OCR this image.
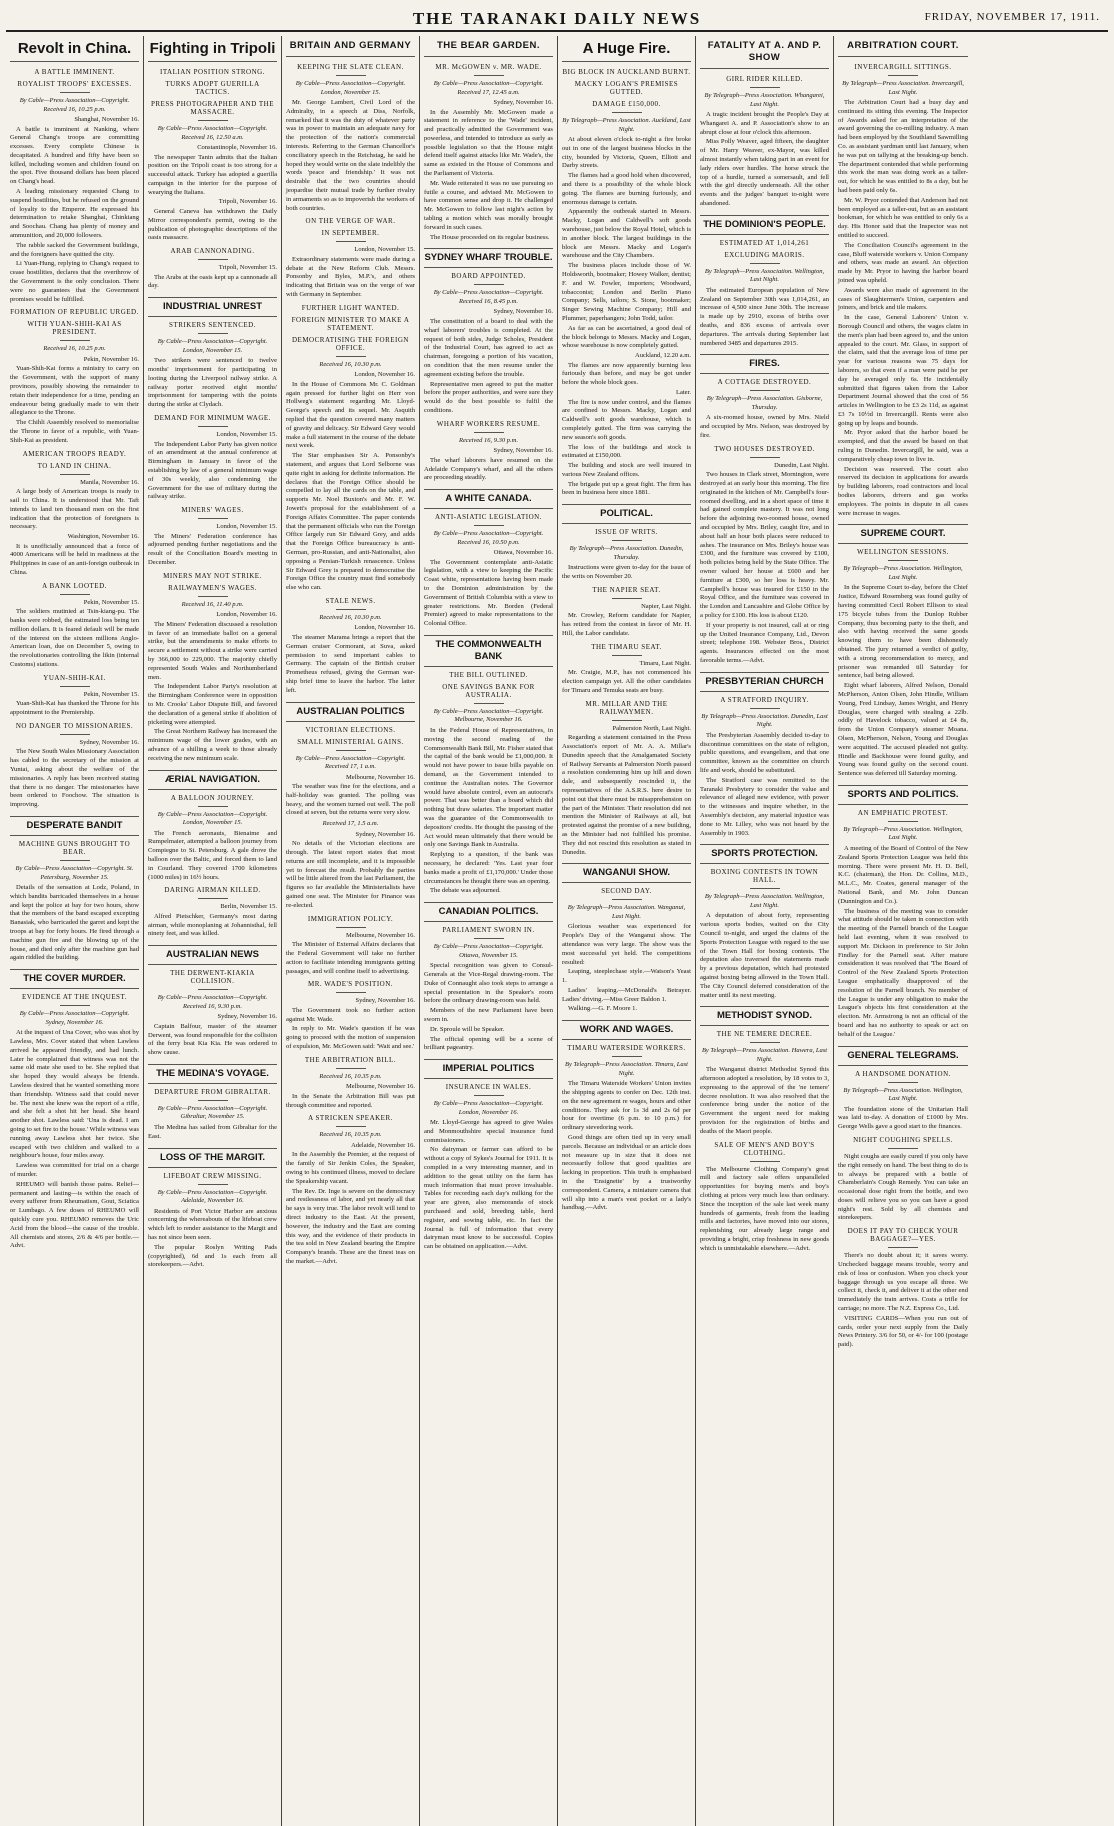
THE TARANAKI DAILY NEWS	FRIDAY, NOVEMBER 17, 1911.
Revolt in China.
A BATTLE IMMINENT.
ROYALIST TROOPS' EXCESSES.
By Cable—Press Association—Copyright. Received 16, 10.25 p.m.
Shanghai, November 16.
A battle is imminent at Nanking, where General Chang's troops are committing excesses. Every complete Chinese is decapitated. A hundred and fifty have been so killed, including women and children found on the spot. Five thousand dollars has been placed on Chang's head.
A leading missionary requested Chang to suspend hostilities, but he refused on the ground of loyalty to the Emperor. He expressed his determination to retake Shanghai, Chinkiang and Soochau. Chang has plenty of money and ammunition, and 20,000 followers.
The rabble sacked the Government buildings, and the foreigners have quitted the city.
Li Yuan-Hung, replying to Chang's request to cease hostilities, declares that the overthrow of the Government is the only conclusion. There were no guarantees that the Government promises would be fulfilled.
FORMATION OF REPUBLIC URGED.
WITH YUAN-SHIH-KAI AS PRESIDENT.
Received 16, 10.25 p.m.
Pekin, November 16.
Yuan-Shih-Kai forms a ministry to carry on the Government, with the support of many provinces, possibly showing the remainder to retain their independence for a time, pending an endeavour being gradually made to win their allegiance to the Throne.
The Chihli Assembly resolved to memorialise the Throne in favor of a republic, with Yuan-Shih-Kai as president.
AMERICAN TROOPS READY.
TO LAND IN CHINA.
Manila, November 16.
A large body of American troops is ready to sail to China. It is understood that Mr. Taft intends to land ten thousand men on the first indication that the protection of foreigners is necessary.
Washington, November 16.
It is unofficially announced that a force of 4000 Americans will be held in readiness at the Philippines in case of an anti-foreign outbreak in China.
A BANK LOOTED.
Pekin, November 15.
The soldiers mutinied at Tsin-kiang-pu. The banks were robbed, the estimated loss being ten million dollars. It is feared default will be made of the interest on the sixteen millions Anglo-American loan, due on December 5, owing to the revolutionaries controlling the likin (internal Customs) stations.
YUAN-SHIH-KAI.
Pekin, November 15.
Yuan-Shih-Kai has thanked the Throne for his appointment to the Premiership.
NO DANGER TO MISSIONARIES.
Sydney, November 16.
The New South Wales Missionary Association has cabled to the secretary of the mission at Yuntai, asking about the welfare of the missionaries. A reply has been received stating that there is no danger. The missionaries have been ordered to Foochow. The situation is improving.
DESPERATE BANDIT
MACHINE GUNS BROUGHT TO BEAR.
By Cable—Press Association—Copyright. St. Petersburg, November 15.
Details of the sensation at Lodz, Poland, in which bandits barricaded themselves in a house and kept the police at bay for two hours, show that the members of the band escaped excepting Banasiak, who barricaded the garret and kept the troops at bay for forty hours. He fired through a machine gun fire and the blowing up of the house, and died only after the machine gun had again riddled the building.
THE COVER MURDER.
EVIDENCE AT THE INQUEST.
By Cable—Press Association—Copyright. Sydney, November 16.
At the inquest of Una Cover, who was shot by Lawless, Mrs. Cover stated that when Lawless arrived he appeared friendly, and had lunch. Later he complained that witness was not the same old mate she used to be. She replied that she hoped they would always be friends. Lawless desired that he wanted something more than friendship. Witness said that could never be. The next she knew was the report of a rifle, and she felt a shot hit her head. She heard another shot. Lawless said: 'Una is dead. I am going to set fire to the house.' While witness was running away Lawless shot her twice. She escaped with two children and walked to a neighbour's house, four miles away.
Lawless was committed for trial on a charge of murder.
RHEUMO will banish those pains. Relief—permanent and lasting—is within the reach of every sufferer from Rheumatism, Gout, Sciatica or Lumbago. A few doses of RHEUMO will quickly cure you. RHEUMO removes the Uric Acid from the blood—the cause of the trouble. All chemists and stores, 2/6 & 4/6 per bottle.—Advt.
Fighting in Tripoli
ITALIAN POSITION STRONG.
TURKS ADOPT GUERILLA TACTICS.
PRESS PHOTOGRAPHER AND THE MASSACRE.
By Cable—Press Association—Copyright. Received 16, 12.50 a.m.
Constantinople, November 16.
The newspaper Tanin admits that the Italian position on the Tripoli coast is too strong for a successful attack. Turkey has adopted a guerilla campaign in the interior for the purpose of wearying the Italians.
Tripoli, November 16.
General Caneva has withdrawn the Daily Mirror correspondent's permit, owing to the publication of photographic descriptions of the oasis massacre.
ARAB CANNONADING.
Tripoli, November 15.
The Arabs at the oasis kept up a cannonade all day.
INDUSTRIAL UNREST
STRIKERS SENTENCED.
By Cable—Press Association—Copyright. London, November 15.
Two strikers were sentenced to twelve months' imprisonment for participating in looting during the Liverpool railway strike. A railway porter received eight months' imprisonment for tampering with the points during the strike at Clydach.
DEMAND FOR MINIMUM WAGE.
London, November 15.
The Independent Labor Party has given notice of an amendment at the annual conference at Birmingham in January in favor of the establishing by law of a general minimum wage of 30s weekly, also condemning the Government for the use of military during the railway strike.
MINERS' WAGES.
London, November 15.
The Miners' Federation conference has adjourned pending further negotiations and the result of the Conciliation Board's meeting in December.
MINERS MAY NOT STRIKE.
RAILWAYMEN'S WAGES.
Received 16, 11.40 p.m.
London, November 16.
The Miners' Federation discussed a resolution in favor of an immediate ballot on a general strike, but the amendments to make efforts to secure a settlement without a strike were carried by 366,000 to 229,000. The majority chiefly represented South Wales and Northumberland men.
The Independent Labor Party's resolution at the Birmingham Conference were in opposition to Mr. Crooks' Labor Dispute Bill, and favored the declaration of a general strike if abolition of picketing were attempted.
The Great Northern Railway has increased the minimum wage of the lower grades, with an advance of a shilling a week to those already receiving the new minimum scale.
ÆRIAL NAVIGATION.
A BALLOON JOURNEY.
By Cable—Press Association—Copyright. London, November 15.
The French aeronauts, Bienaime and Rumpelmaier, attempted a balloon journey from Compiegne to St. Petersburg. A gale drove the balloon over the Baltic, and forced them to land in Courland. They covered 1700 kilometres (1000 miles) in 16½ hours.
DARING AIRMAN KILLED.
Berlin, November 15.
Alfred Pietschker, Germany's most daring airman, while monoplaning at Johannisthal, fell ninety feet, and was killed.
AUSTRALIAN NEWS
THE DERWENT-KIAKIA COLLISION.
By Cable—Press Association—Copyright. Received 16, 9.30 p.m.
Sydney, November 16.
Captain Balfour, master of the steamer Derwent, was found responsible for the collision of the ferry boat Kia Kia. He was ordered to show cause.
THE MEDINA'S VOYAGE.
DEPARTURE FROM GIBRALTAR.
By Cable—Press Association—Copyright. Gibraltar, November 15.
The Medina has sailed from Gibraltar for the East.
LOSS OF THE MARGIT.
LIFEBOAT CREW MISSING.
By Cable—Press Association—Copyright. Adelaide, November 16.
Residents of Port Victor Harbor are anxious concerning the whereabouts of the lifeboat crew which left to render assistance to the Margit and has not since been seen.
The popular Roslyn Writing Pads (copyrighted), 6d and 1s each from all storekeepers.—Advt.
BRITAIN AND GERMANY
KEEPING THE SLATE CLEAN.
By Cable—Press Association—Copyright. London, November 15.
Mr. George Lambert, Civil Lord of the Admiralty, in a speech at Diss, Norfolk, remarked that it was the duty of whatever party was in power to maintain an adequate navy for the protection of the nation's commercial interests. Referring to the German Chancellor's conciliatory speech in the Reichstag, he said he hoped they would write on the slate indelibly the words 'peace and friendship.' It was not desirable that the two countries should jeopardise their mutual trade by further rivalry in armaments so as to impoverish the workers of both countries.
ON THE VERGE OF WAR.
IN SEPTEMBER.
London, November 15.
Extraordinary statements were made during a debate at the New Reform Club. Messrs. Ponsonby and Byles, M.P.'s, and others indicating that Britain was on the verge of war with Germany in September.
FURTHER LIGHT WANTED.
FOREIGN MINISTER TO MAKE A STATEMENT.
DEMOCRATISING THE FOREIGN OFFICE.
Received 16, 10.30 p.m.
London, November 16.
In the House of Commons Mr. C. Goldman again pressed for further light on Herr von Hollweg's statement regarding Mr. Lloyd-George's speech and its sequel. Mr. Asquith replied that the question covered many matters of gravity and delicacy. Sir Edward Grey would make a full statement in the course of the debate next week.
The Star emphasises Sir A. Ponsonby's statement, and argues that Lord Selborne was quite right in asking for definite information. He declares that the Foreign Office should be compelled to lay all the cards on the table, and supports Mr. Noel Buxton's and Mr. F. W. Jowett's proposal for the establishment of a Foreign Affairs Committee. The paper contends that the permanent officials who run the Foreign Office largely run Sir Edward Grey, and adds that the Foreign Office bureaucracy is anti-German, pro-Russian, and anti-Nationalist, also opposing a Persian-Turkish renascence. Unless Sir Edward Grey is prepared to democratise the Foreign Office the country must find somebody else who can.
STALE NEWS.
Received 16, 10.30 p.m.
London, November 16.
The steamer Marama brings a report that the German cruiser Cormorant, at Suva, asked permission to send important cables to Germany. The captain of the British cruiser Prometheus refused, giving the German war-ship brief time to leave the harbor. The latter left.
AUSTRALIAN POLITICS
VICTORIAN ELECTIONS.
SMALL MINISTERIAL GAINS.
By Cable—Press Association—Copyright. Received 17, 1 a.m.
Melbourne, November 16.
The weather was fine for the elections, and a half-holiday was granted. The polling was heavy, and the women turned out well. The poll closed at seven, but the returns were very slow.
Received 17, 1.5 a.m.
Sydney, November 16.
No details of the Victorian elections are through. The latest report states that most returns are still incomplete, and it is impossible yet to forecast the result. Probably the parties will be little altered from the last Parliament, the figures so far available the Ministerialists have gained one seat. The Minister for Finance was re-elected.
IMMIGRATION POLICY.
Melbourne, November 16.
The Minister of External Affairs declares that the Federal Government will take no further action to facilitate intending immigrants getting passages, and will confine itself to advertising.
MR. WADE'S POSITION.
Sydney, November 16.
The Government took no further action against Mr. Wade.
In reply to Mr. Wade's question if he was going to proceed with the motion of suspension of expulsion, Mr. McGowen said: 'Wait and see.'
THE ARBITRATION BILL.
Received 16, 10.35 p.m.
Melbourne, November 16.
In the Senate the Arbitration Bill was put through committee and reported.
A STRICKEN SPEAKER.
Received 16, 10.35 p.m.
Adelaide, November 16.
In the Assembly the Premier, at the request of the family of Sir Jenkin Coles, the Speaker, owing to his continued illness, moved to declare the Speakership vacant.
The Rev. Dr. Inge is severe on the democracy and restlessness of labor, and yet nearly all that he says is very true. The labor revolt will tend to direct industry to the East. At the present, however, the industry and the East are coming this way, and the evidence of their products in the tea sold in New Zealand bearing the Empire Company's brands. These are the finest teas on the market.—Advt.
THE BEAR GARDEN.
MR. McGOWEN v. MR. WADE.
By Cable—Press Association—Copyright. Received 17, 12.45 a.m.
Sydney, November 16.
In the Assembly Mr. McGowen made a statement in reference to the 'Wade' incident, and practically admitted the Government was powerless, and intended to introduce as early as possible legislation so that the House might defend itself against attacks like Mr. Wade's, the same as existed in the House of Commons and the Parliament of Victoria.
Mr. Wade reiterated it was no use pursuing so futile a course, and advised Mr. McGowen to have common sense and drop it. He challenged Mr. McGowen to follow last night's action by tabling a motion which was morally brought forward in such cases.
The House proceeded on its regular business.
SYDNEY WHARF TROUBLE.
BOARD APPOINTED.
By Cable—Press Association—Copyright. Received 16, 8.45 p.m.
Sydney, November 16.
The constitution of a board to deal with the wharf laborers' troubles is completed. At the request of both sides, Judge Scholes, President of the Industrial Court, has agreed to act as chairman, foregoing a portion of his vacation, on condition that the men resume under the agreement existing before the trouble.
Representative men agreed to put the matter before the proper authorities, and were sure they would do the best possible to fulfil the conditions.
WHARF WORKERS RESUME.
Received 16, 9.30 p.m.
Sydney, November 16.
The wharf laborers have resumed on the Adelaide Company's wharf, and all the others are proceeding steadily.
A WHITE CANADA.
ANTI-ASIATIC LEGISLATION.
By Cable—Press Association—Copyright. Received 16, 10.50 p.m.
Ottawa, November 16.
The Government contemplate anti-Asiatic legislation, with a view to keeping the Pacific Coast white, representations having been made to the Dominion administration by the Government of British Columbia with a view to greater restrictions. Mr. Borden (Federal Premier) agreed to make representations to the Colonial Office.
THE COMMONWEALTH BANK
THE BILL OUTLINED.
ONE SAVINGS BANK FOR AUSTRALIA.
By Cable—Press Association—Copyright. Melbourne, November 16.
In the Federal House of Representatives, in moving the second reading of the Commonwealth Bank Bill, Mr. Fisher stated that the capital of the bank would be £1,000,000. It would not have power to issue bills payable on demand, as the Government intended to continue the Australian notes. The Governor would have absolute control, even an autocrat's power. That was better than a board which did nothing but draw salaries. The important matter was the guarantee of the Commonwealth to depositors' credits. He thought the passing of the Act would mean ultimately that there would be only one Savings Bank in Australia.
Replying to a question, if the bank was necessary, he declared: 'Yes. Last year four banks made a profit of £1,170,000.' Under those circumstances he thought there was an opening.
The debate was adjourned.
CANADIAN POLITICS.
PARLIAMENT SWORN IN.
By Cable—Press Association—Copyright. Ottawa, November 15.
Special recognition was given to Consul-Generals at the Vice-Regal drawing-room. The Duke of Connaught also took steps to arrange a special presentation in the Speaker's room before the ordinary drawing-room was held.
Members of the new Parliament have been sworn in.
Dr. Sproule will be Speaker.
The official opening will be a scene of brilliant pageantry.
IMPERIAL POLITICS
INSURANCE IN WALES.
By Cable—Press Association—Copyright. London, November 16.
Mr. Lloyd-George has agreed to give Wales and Monmouthshire special insurance fund commissioners.
No dairyman or farmer can afford to be without a copy of Sykes's Journal for 1911. It is compiled in a very interesting manner, and in addition to the great utility on the farm has much information that must prove invaluable. Tables for recording each day's milking for the year are given, also memoranda of stock purchased and sold, breeding table, herd register, and sowing table, etc. In fact the Journal is full of information that every dairyman must know to be successful. Copies can be obtained on application.—Advt.
A Huge Fire.
BIG BLOCK IN AUCKLAND BURNT.
MACKY LOGAN'S PREMISES GUTTED.
DAMAGE £150,000.
By Telegraph—Press Association. Auckland, Last Night.
At about eleven o'clock to-night a fire broke out in one of the largest business blocks in the city, bounded by Victoria, Queen, Elliott and Darby streets.
The flames had a good hold when discovered, and there is a possibility of the whole block going. The flames are burning furiously, and enormous damage is certain.
Apparently the outbreak started in Messrs. Macky, Logan and Caldwell's soft goods warehouse, just below the Royal Hotel, which is in another block. The largest buildings in the block are Messrs. Macky and Logan's warehouse and the City Chambers.
The business places include those of W. Holdsworth, bootmaker; Howey Walker, dentist; F. and W. Fowler, importers; Woodward, tobacconist; London and Berlin Piano Company; Sells, tailors; S. Stone, bootmaker; Singer Sewing Machine Company; Hill and Plummer, paperhangers; John Todd, tailor.
As far as can be ascertained, a good deal of the block belongs to Messrs. Macky and Logan, whose warehouse is now completely gutted.
Auckland, 12.20 a.m.
The flames are now apparently burning less furiously than before, and may be got under before the whole block goes.
Later.
The fire is now under control, and the flames are confined to Messrs. Macky, Logan and Caldwell's soft goods warehouse, which is completely gutted. The firm was carrying the new season's soft goods.
The loss of the buildings and stock is estimated at £150,000.
The building and stock are well insured in various New Zealand offices.
The brigade put up a great fight. The firm has been in business here since 1881.
POLITICAL.
ISSUE OF WRITS.
By Telegraph—Press Association. Dunedin, Thursday.
Instructions were given to-day for the issue of the writs on November 20.
THE NAPIER SEAT.
Napier, Last Night.
Mr. Crowley, Reform candidate for Napier, has retired from the contest in favor of Mr. H. Hill, the Labor candidate.
THE TIMARU SEAT.
Timaru, Last Night.
Mr. Craigie, M.P., has not commenced his election campaign yet. All the other candidates for Timaru and Temuka seats are busy.
MR. MILLAR AND THE RAILWAYMEN.
Palmerston North, Last Night.
Regarding a statement contained in the Press Association's report of Mr. A. A. Millar's Dunedin speech that the Amalgamated Society of Railway Servants at Palmerston North passed a resolution condemning him up hill and down dale, and subsequently rescinded it, the representatives of the A.S.R.S. here desire to point out that there must be misapprehension on the part of the Minister. Their resolution did not mention the Minister of Railways at all, but protested against the promise of a new building, as the Minister had not fulfilled his promise. They did not rescind this resolution as stated in Dunedin.
WANGANUI SHOW.
SECOND DAY.
By Telegraph—Press Association. Wanganui, Last Night.
Glorious weather was experienced for People's Day of the Wanganui show. The attendance was very large. The show was the most successful yet held. The competitions resulted:
Leaping, steeplechase style.—Watson's Yeast 1.
Ladies' leaping.—McDonald's Betrayer. Ladies' driving.—Miss Greer Baldon 1.
Walking.—G. F. Moore 1.
WORK AND WAGES.
TIMARU WATERSIDE WORKERS.
By Telegraph—Press Association. Timaru, Last Night.
The Timaru Waterside Workers' Union invites the shipping agents to confer on Dec. 12th inst. on the new agreement re wages, hours and other conditions. They ask for 1s 3d and 2s 6d per hour for overtime (6 p.m. to 10 p.m.) for ordinary stevedoring work.
Good things are often tied up in very small parcels. Because an individual or an article does not measure up in size that it does not necessarily follow that good qualities are lacking in proportion. This truth is emphasised in the 'Ensignette' by a trustworthy correspondent. Camera, a miniature camera that will slip into a man's vest pocket or a lady's handbag.—Advt.
FATALITY AT A. AND P. SHOW
GIRL RIDER KILLED.
By Telegraph—Press Association. Whangarei, Last Night.
A tragic incident brought the People's Day at Whangarei A. and P. Association's show to an abrupt close at four o'clock this afternoon.
Miss Polly Weaver, aged fifteen, the daughter of Mr. Harry Weaver, ex-Mayor, was killed almost instantly when taking part in an event for lady riders over hurdles. The horse struck the top of a hurdle, turned a somersault, and fell with the girl directly underneath. All the other events and the judges' banquet to-night were abandoned.
THE DOMINION'S PEOPLE.
ESTIMATED AT 1,014,261
EXCLUDING MAORIS.
By Telegraph—Press Association. Wellington, Last Night.
The estimated European population of New Zealand on September 30th was 1,014,261, an increase of 4,500 since June 30th. The increase is made up by 2910, excess of births over deaths, and 836 excess of arrivals over departures. The arrivals during September last numbered 3485 and departures 2915.
FIRES.
A COTTAGE DESTROYED.
By Telegraph—Press Association. Gisborne, Thursday.
A six-roomed house, owned by Mrs. Nield and occupied by Mrs. Nelson, was destroyed by fire.
TWO HOUSES DESTROYED.
Dunedin, Last Night.
Two houses in Clark street, Mornington, were destroyed at an early hour this morning. The fire originated in the kitchen of Mr. Campbell's four-roomed dwelling, and in a short space of time it had gained complete mastery. It was not long before the adjoining two-roomed house, owned and occupied by Mrs. Briley, caught fire, and in about half an hour both places were reduced to ashes. The insurance on Mrs. Briley's house was £300, and the furniture was covered by £100, both policies being held by the State Office. The owner valued her house at £600 and her furniture at £300, so her loss is heavy. Mr. Campbell's house was insured for £150 in the Royal Office, and the furniture was covered in the London and Lancashire and Globe Office by a policy for £100. His loss is about £120.
If your property is not insured, call at or ring up the United Insurance Company, Ltd., Devon street; telephone 198. Webster Bros., District agents. Insurances effected on the most favorable terms.—Advt.
PRESBYTERIAN CHURCH
A STRATFORD INQUIRY.
By Telegraph—Press Association. Dunedin, Last Night.
The Presbyterian Assembly decided to-day to discontinue committees on the state of religion, public questions, and evangelism, and that one committee, known as the committee on church life and work, should be substituted.
The Stratford case was remitted to the Taranaki Presbytery to consider the value and relevance of alleged new evidence, with power to the witnesses and inquire whether, in the Assembly's decision, any material injustice was done to Mr. Lilley, who was not heard by the Assembly in 1903.
SPORTS PROTECTION.
BOXING CONTESTS IN TOWN HALL.
By Telegraph—Press Association. Wellington, Last Night.
A deputation of about forty, representing various sports bodies, waited on the City Council to-night, and urged the claims of the Sports Protection League with regard to the use of the Town Hall for boxing contests. The deputation also traversed the statements made by a previous deputation, which had protested against boxing being allowed in the Town Hall. The City Council deferred consideration of the matter until its next meeting.
METHODIST SYNOD.
THE NE TEMERE DECREE.
By Telegraph—Press Association. Hawera, Last Night.
The Wanganui district Methodist Synod this afternoon adopted a resolution, by 18 votes to 3, expressing to the approval of the 'ne temere' decree resolution. It was also resolved that the conference bring under the notice of the Government the urgent need for making provision for the registration of births and deaths of the Maori people.
SALE OF MEN'S AND BOY'S CLOTHING.
The Melbourne Clothing Company's great mill and factory sale offers unparalleled opportunities for buying men's and boy's clothing at prices very much less than ordinary. Since the inception of the sale last week many hundreds of garments, fresh from the leading mills and factories, have moved into our stores, replenishing our already large range and providing a bright, crisp freshness in new goods which is unmistakable elsewhere.—Advt.
ARBITRATION COURT.
INVERCARGILL SITTINGS.
By Telegraph—Press Association. Invercargill, Last Night.
The Arbitration Court had a busy day and continued its sitting this evening. The Inspector of Awards asked for an interpretation of the award governing the co-milling industry. A man had been employed by the Southland Sawmilling Co. as assistant yardman until last January, when he was put on tallying at the breaking-up bench. The department contended that while performing this work the man was doing work as a taller-out, for which he was entitled to 8s a day, but he had been paid only 6s.
Mr. W. Pryor contended that Anderson had not been employed as a taller-out, but as an assistant bookman, for which he was entitled to only 6s a day. His Honor said that the Inspector was not entitled to succeed.
The Conciliation Council's agreement in the case, Bluff waterside workers v. Union Company and others, was made an award. An objection made by Mr. Pryor to having the harbor board joined was upheld.
Awards were also made of agreement in the cases of Slaughtermen's Union, carpenters and joiners, and brick and tile makers.
In the case, General Laborers' Union v. Borough Council and others, the wages claim in the men's plan had been agreed to, and the union appealed to the court. Mr. Glass, in support of the claim, said that the average loss of time per year for various reasons was 75 days for laborers, so that even if a man were paid he per day he averaged only 6s. He incidentally submitted that figures taken from the Labor Department Journal showed that the cost of 56 articles in Wellington to be £3 2s 11d, as against £3 7s 10½d in Invercargill. Rents were also going up by leaps and bounds.
Mr. Pryor asked that the harbor board be exempted, and that the award be based on that ruling in Dunedin. Invercargill, he said, was a comparatively cheap town to live in.
Decision was reserved. The court also reserved its decision in applications for awards by building laborers, road contractors and local bodies laborers, drivers and gas works employees. The points in dispute in all cases were increase in wages.
SUPREME COURT.
WELLINGTON SESSIONS.
By Telegraph—Press Association. Wellington, Last Night.
In the Supreme Court to-day, before the Chief Justice, Edward Rosemberg was found guilty of having committed Cecil Robert Ellison to steal 175 bicycle tubes from the Dunlop Rubber Company, thus becoming party to the theft, and also with having received the same goods knowing them to have been dishonestly obtained. The jury returned a verdict of guilty, with a strong recommendation to mercy, and prisoner was remanded till Saturday for sentence, bail being allowed.
Eight wharf laborers, Alfred Nelson, Donald McPherson, Anton Olsen, John Hindle, William Young, Fred Lindsay, James Wright, and Henry Douglas, were charged with stealing a 22lb. oddly of Havelock tobacco, valued at £4 8s, from the Union Company's steamer Moana. Olsen, McPherson, Nelson, Young and Douglas were acquitted. The accused pleaded not guilty. Hindle and Backhouse were found guilty, and Young was found guilty on the second count. Sentence was deferred till Saturday morning.
SPORTS AND POLITICS.
AN EMPHATIC PROTEST.
By Telegraph—Press Association. Wellington, Last Night.
A meeting of the Board of Control of the New Zealand Sports Protection League was held this morning. There were present Mr. H. D. Bell, K.C. (chairman), the Hon. Dr. Collins, M.D., M.L.C., Mr. Coates, general manager of the National Bank, and Mr. John Duncan (Dunnington and Co.).
The business of the meeting was to consider what attitude should be taken in connection with the meeting of the Parnell branch of the League held last evening, when it was resolved to support Mr. Dickson in preference to Sir John Findlay for the Parnell seat. After mature consideration it was resolved that 'The Board of Control of the New Zealand Sports Protection League emphatically disapproved of the resolution of the Parnell branch. No member of the League is under any obligation to make the League's objects his first consideration at the election. Mr. Armstrong is not an official of the board and has no authority to speak or act on behalf of the League.'
GENERAL TELEGRAMS.
A HANDSOME DONATION.
By Telegraph—Press Association. Wellington, Last Night.
The foundation stone of the Unitarian Hall was laid to-day. A donation of £1000 by Mrs. George Wells gave a good start to the finances.
NIGHT COUGHING SPELLS.
Night coughs are easily cured if you only have the right remedy on hand. The best thing to do is to always be prepared with a bottle of Chamberlain's Cough Remedy. You can take an occasional dose right from the bottle, and two doses will relieve you so you can have a good night's rest. Sold by all chemists and storekeepers.
DOES IT PAY TO CHECK YOUR BAGGAGE?—YES.
There's no doubt about it; it saves worry. Unchecked baggage means trouble, worry and risk of loss or confusion. When you check your baggage through us you escape all three. We collect it, check it, and deliver it at the other end immediately the train arrives. Costs a trifle for carriage; no more. The N.Z. Express Co., Ltd.
VISITING CARDS—When you run out of cards, order your next supply from the Daily News Printery. 3/6 for 50, or 4/- for 100 (postage paid).
